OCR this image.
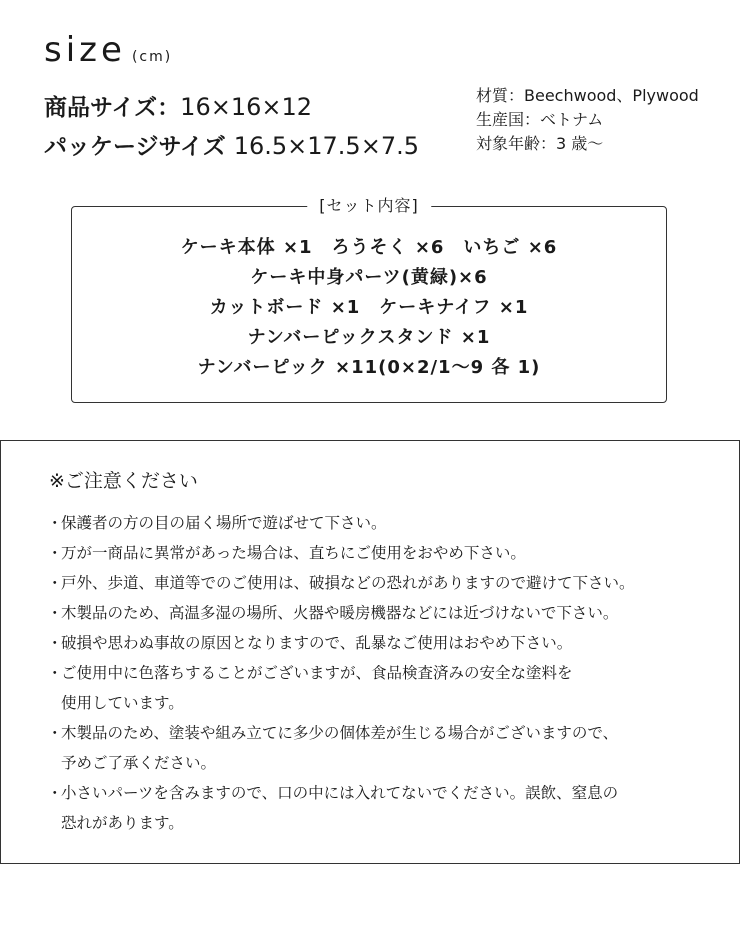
size (cm)
商品サイズ：16×16×12
パッケージサイズ 16.5×17.5×7.5
材質：Beechwood、Plywood
生産国：ベトナム
対象年齢：3 歳〜
[セット内容]
ケーキ本体 ×1　ろうそく ×6　いちご ×6
ケーキ中身パーツ(黄緑)×6
カットボード ×1　ケーキナイフ ×1
ナンバーピックスタンド ×1
ナンバーピック ×11(0×2/1〜9 各 1)
※ご注意ください
・
保護者の方の目の届く場所で遊ばせて下さい。
・
万が一商品に異常があった場合は、直ちにご使用をおやめ下さい。
・
戸外、歩道、車道等でのご使用は、破損などの恐れがありますので避けて下さい。
・
木製品のため、高温多湿の場所、火器や暖房機器などには近づけないで下さい。
・
破損や思わぬ事故の原因となりますので、乱暴なご使用はおやめ下さい。
・
ご使用中に色落ちすることがございますが、食品検査済みの安全な塗料を
使用しています。
・
木製品のため、塗装や組み立てに多少の個体差が生じる場合がございますので、
予めご了承ください。
・
小さいパーツを含みますので、口の中には入れてないでください。誤飲、窒息の
恐れがあります。
